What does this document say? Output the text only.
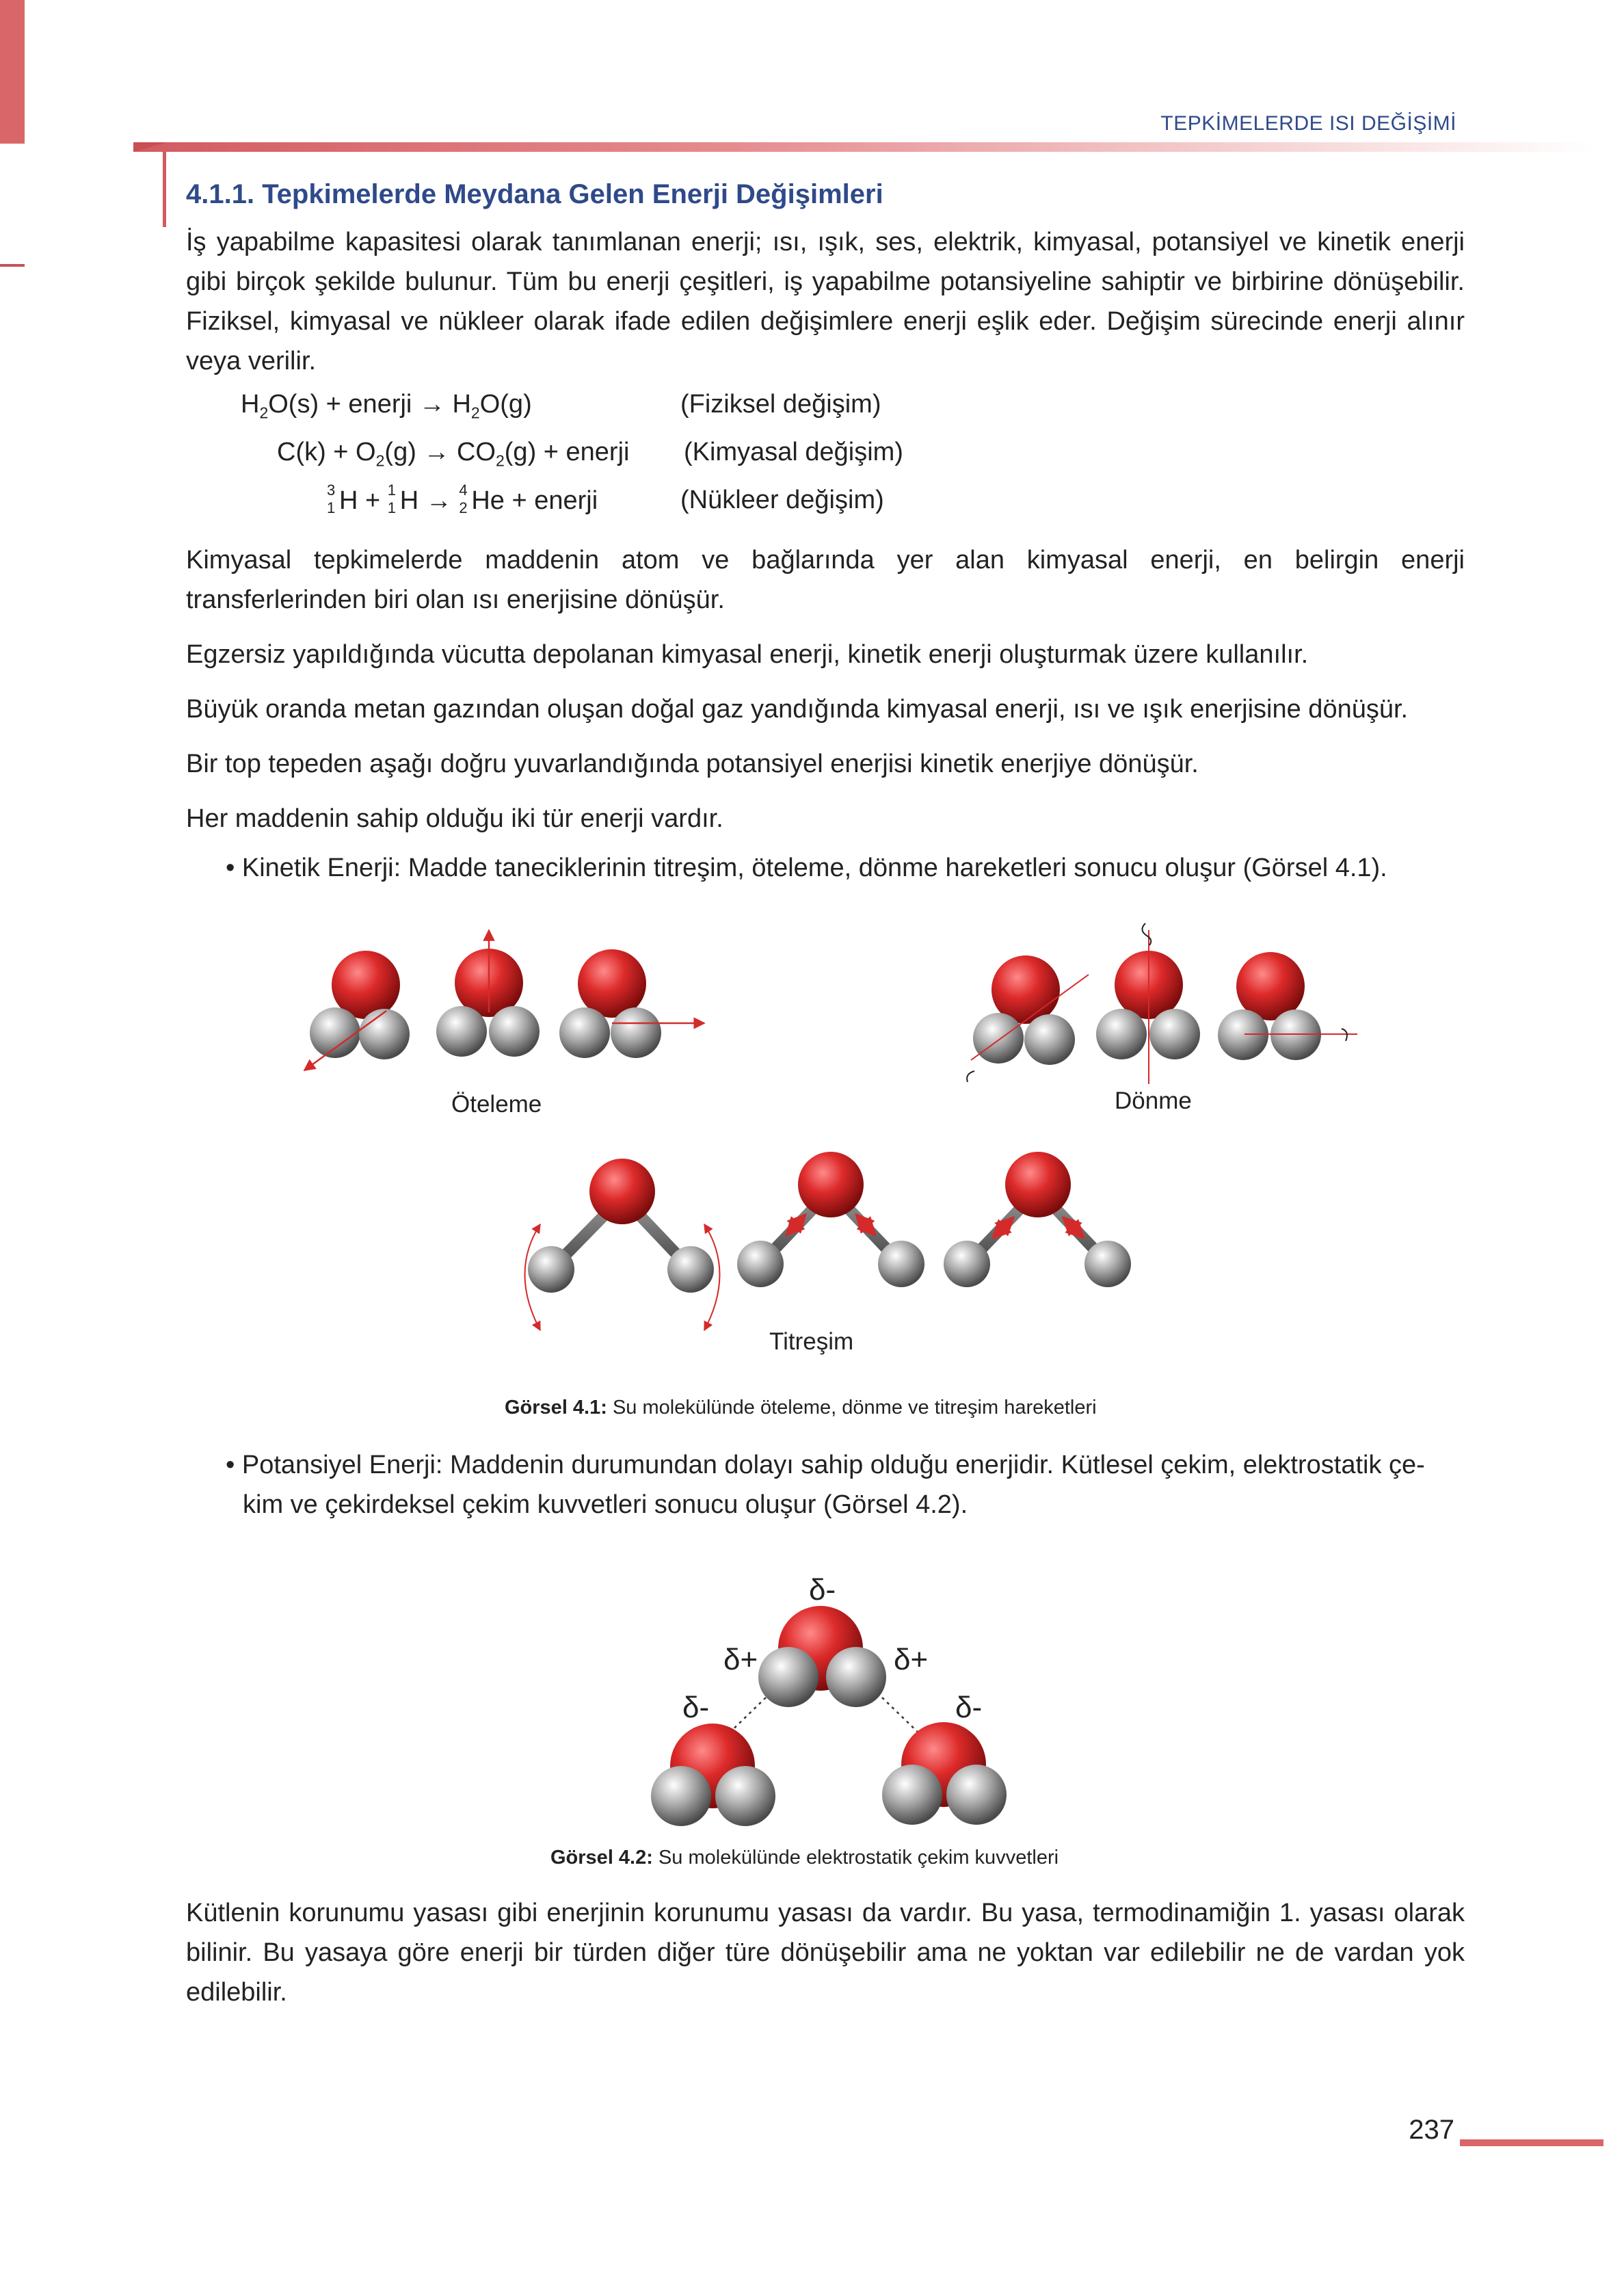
TEPKİMELERDE ISI DEĞİŞİMİ
4.1.1. Tepkimelerde Meydana Gelen Enerji Değişimleri
İş yapabilme kapasitesi olarak tanımlanan enerji; ısı, ışık, ses, elektrik, kimyasal, potansiyel ve kinetik enerji gibi birçok şekilde bulunur. Tüm bu enerji çeşitleri, iş yapabilme potansiyeline sahiptir ve birbirine dönüşebilir. Fiziksel, kimyasal ve nükleer olarak ifade edilen değişimlere enerji eşlik eder. Değişim sürecinde enerji alınır veya verilir.
$H_2O(s)$ + enerji → $H_2O(g)$	(Fiziksel değişim)
$C(k) + O_2(g) \to CO_2(g)$ + enerji (Kimyasal değişim)
3
1 H + 1
1 H → 4
2 He + enerji	(Nükleer değişim)
Kimyasal tepkimelerde maddenin atom ve bağlarında yer alan kimyasal enerji, en belirgin enerji transferlerinden biri olan ısı enerjisine dönüşür.
Egzersiz yapıldığında vücutta depolanan kimyasal enerji, kinetik enerji oluşturmak üzere kullanılır.
Büyük oranda metan gazından oluşan doğal gaz yandığında kimyasal enerji, ısı ve ışık enerjisine dönüşür.
Bir top tepeden aşağı doğru yuvarlandığında potansiyel enerjisi kinetik enerjiye dönüşür.
Her maddenin sahip olduğu iki tür enerji vardır.
• Kinetik Enerji: Madde taneciklerinin titreşim, öteleme, dönme hareketleri sonucu oluşur (Görsel 4.1).
Öteleme	Dönme
Titreşim
Görsel 4.1: Su molekülünde öteleme, dönme ve titreşim hareketleri
• Potansiyel Enerji: Maddenin durumundan dolayı sahip olduğu enerjidir. Kütlesel çekim, elektrostatik çe-
kim ve çekirdeksel çekim kuvvetleri sonucu oluşur (Görsel 4.2).
δ-
δ+	δ+
δ-	δ-
Görsel 4.2: Su molekülünde elektrostatik çekim kuvvetleri
Kütlenin korunumu yasası gibi enerjinin korunumu yasası da vardır. Bu yasa, termodinamiğin 1. yasası olarak bilinir. Bu yasaya göre enerji bir türden diğer türe dönüşebilir ama ne yoktan var edilebilir ne de vardan yok edilebilir.
237
